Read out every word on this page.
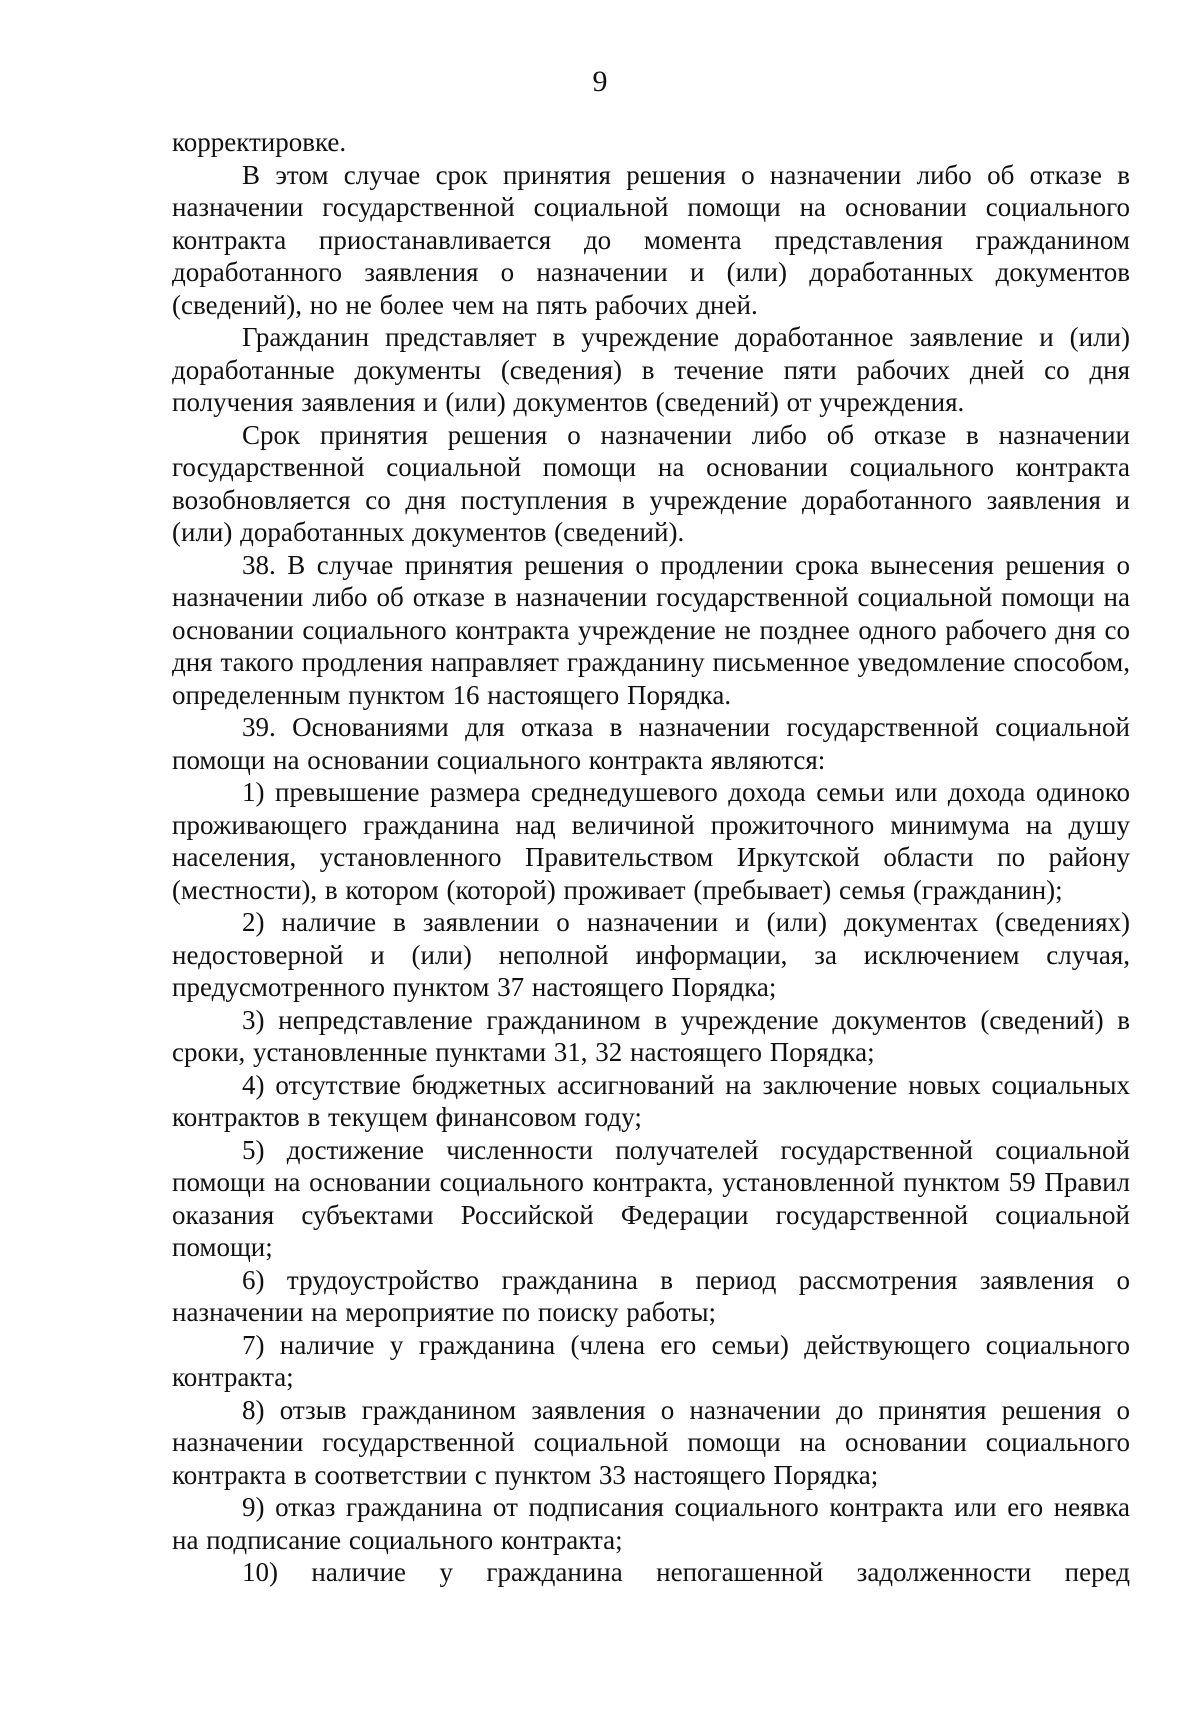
9

корректировке.

В этом случае срок принятия решения о назначении либо об отказе в назначении государственной социальной помощи на основании социального контракта приостанавливается до момента представления гражданином доработанного заявления о назначении и (или) доработанных документов (сведений), но не более чем на пять рабочих дней.

Гражданин представляет в учреждение доработанное заявление и (или) доработанные документы (сведения) в течение пяти рабочих дней со дня получения заявления и (или) документов (сведений) от учреждения.

Срок принятия решения о назначении либо об отказе в назначении государственной социальной помощи на основании социального контракта возобновляется со дня поступления в учреждение доработанного заявления и (или) доработанных документов (сведений).

38. В случае принятия решения о продлении срока вынесения решения о назначении либо об отказе в назначении государственной социальной помощи на основании социального контракта учреждение не позднее одного рабочего дня со дня такого продления направляет гражданину письменное уведомление способом, определенным пунктом 16 настоящего Порядка.

39. Основаниями для отказа в назначении государственной социальной помощи на основании социального контракта являются:

1) превышение размера среднедушевого дохода семьи или дохода одиноко проживающего гражданина над величиной прожиточного минимума на душу населения, установленного Правительством Иркутской области по району (местности), в котором (которой) проживает (пребывает) семья (гражданин);

2) наличие в заявлении о назначении и (или) документах (сведениях) недостоверной и (или) неполной информации, за исключением случая, предусмотренного пунктом 37 настоящего Порядка;

3) непредставление гражданином в учреждение документов (сведений) в сроки, установленные пунктами 31, 32 настоящего Порядка;

4) отсутствие бюджетных ассигнований на заключение новых социальных контрактов в текущем финансовом году;

5) достижение численности получателей государственной социальной помощи на основании социального контракта, установленной пунктом 59 Правил оказания субъектами Российской Федерации государственной социальной помощи;

6) трудоустройство гражданина в период рассмотрения заявления о назначении на мероприятие по поиску работы;

7) наличие у гражданина (члена его семьи) действующего социального контракта;

8) отзыв гражданином заявления о назначении до принятия решения о назначении государственной социальной помощи на основании социального контракта в соответствии с пунктом 33 настоящего Порядка;

9) отказ гражданина от подписания социального контракта или его неявка на подписание социального контракта;

10) наличие у гражданина непогашенной задолженности перед
